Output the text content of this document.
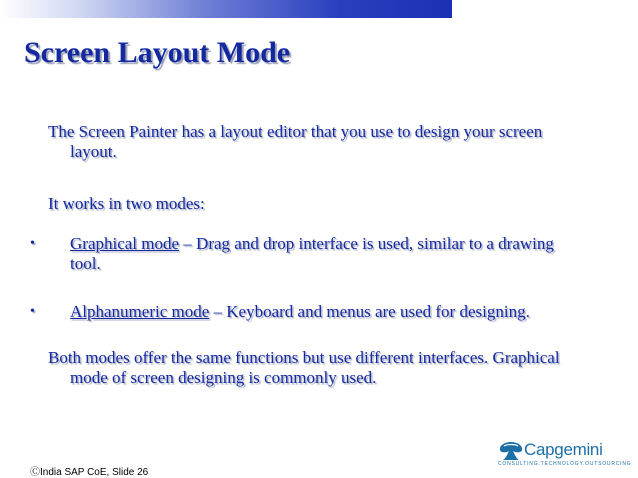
Screen Layout Mode
The Screen Painter has a layout editor that you use to design your screen
layout.
It works in two modes:
•	Graphical mode – Drag and drop interface is used, similar to a drawing
tool.
•	Alphanumeric mode – Keyboard and menus are used for designing.
Both modes offer the same functions but use different interfaces. Graphical
mode of screen designing is commonly used.
ⒸIndia SAP CoE, Slide 26
Capgemini
CONSULTING.TECHNOLOGY.OUTSOURCING
